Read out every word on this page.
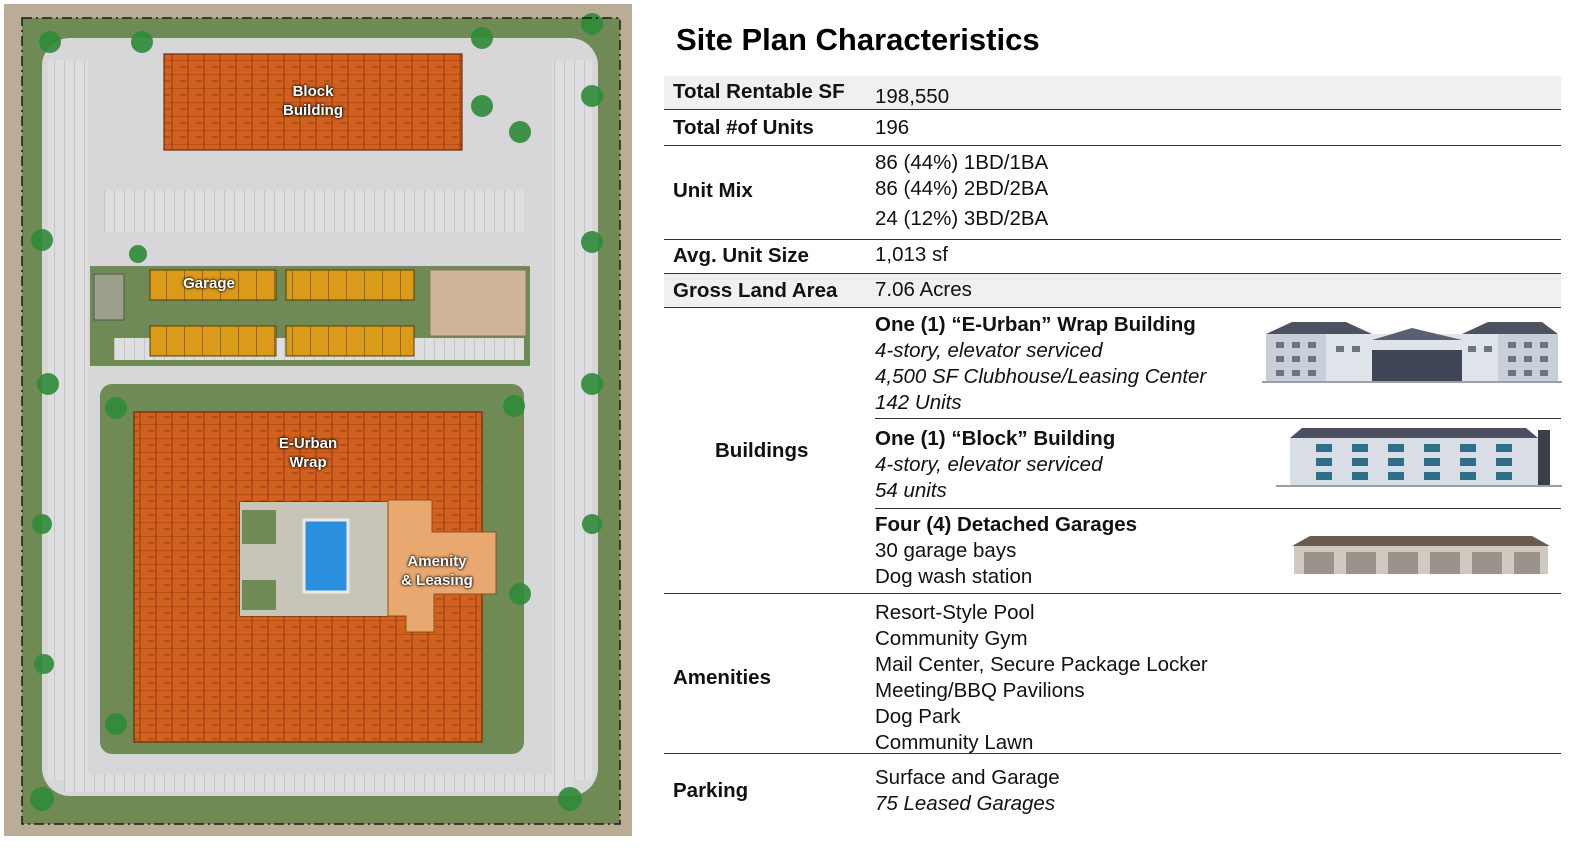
Block
Building
Garage
E-Urban
Wrap
Amenity
& Leasing
Site Plan Characteristics
Total Rentable SF 198,550
Total #of Units	196
Unit Mix
86 (44%) 1BD/1BA
86 (44%) 2BD/2BA
24 (12%) 3BD/2BA
Avg. Unit Size	1,013 sf
Gross Land Area 7.06 Acres
Buildings
One (1) “E-Urban” Wrap Building
4-story, elevator serviced
4,500 SF Clubhouse/Leasing Center
142 Units
One (1) “Block” Building
4-story, elevator serviced
54 units
Four (4) Detached Garages
30 garage bays
Dog wash station
Amenities
Resort-Style Pool
Community Gym
Mail Center, Secure Package Locker
Meeting/BBQ Pavilions
Dog Park
Community Lawn
Parking
Surface and Garage
75 Leased Garages
